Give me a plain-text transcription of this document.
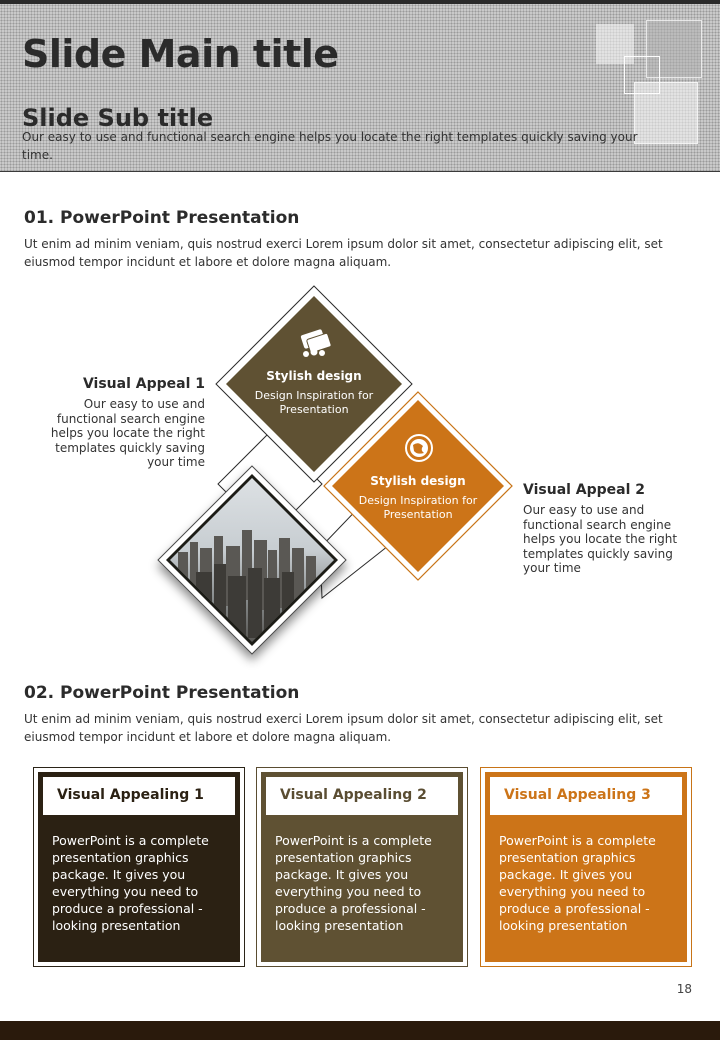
Slide Main title
Slide Sub title
Our easy to use and functional search engine helps you locate the right templates quickly saving your time.
01. PowerPoint Presentation
Ut enim ad minim veniam, quis nostrud exerci Lorem ipsum dolor sit amet, consectetur adipiscing elit, set eiusmod tempor incidunt et labore et dolore magna aliquam.
Stylish design
Design Inspiration for Presentation
Stylish design
Design Inspiration for Presentation
Visual Appeal 1
Our easy to use and functional search engine helps you locate the right templates quickly saving your time
Visual Appeal 2
Our easy to use and functional search engine helps you locate the right templates quickly saving your time
02. PowerPoint Presentation
Ut enim ad minim veniam, quis nostrud exerci Lorem ipsum dolor sit amet, consectetur adipiscing elit, set eiusmod tempor incidunt et labore et dolore magna aliquam.
Visual Appealing 1
PowerPoint is a complete presentation graphics package. It gives you everything you need to produce a professional - looking presentation
Visual Appealing 2
PowerPoint is a complete presentation graphics package. It gives you everything you need to produce a professional - looking presentation
Visual Appealing 3
PowerPoint is a complete presentation graphics package. It gives you everything you need to produce a professional - looking presentation
18
